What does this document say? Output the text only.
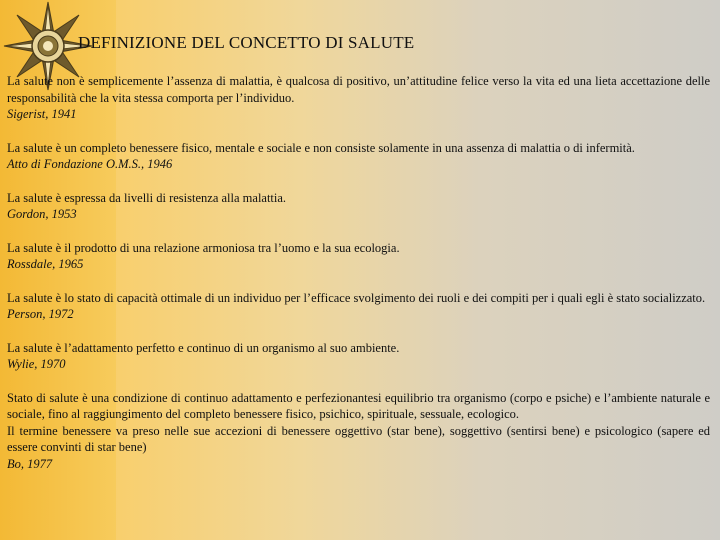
DEFINIZIONE DEL CONCETTO DI SALUTE

La salute non è semplicemente l’assenza di malattia, è qualcosa di positivo, un’attitudine felice verso la vita ed una lieta accettazione delle responsabilità che la vita stessa comporta per l’individuo.

Sigerist, 1941

La salute è un completo benessere fisico, mentale e sociale e non consiste solamente in una assenza di malattia o di infermità.

Atto di Fondazione O.M.S., 1946

La salute è espressa da livelli di resistenza alla malattia.

Gordon, 1953

La salute è il prodotto di una relazione armoniosa tra l’uomo e la sua ecologia.

Rossdale, 1965

La salute è lo stato di capacità ottimale di un individuo per l’efficace svolgimento dei ruoli e dei compiti per i quali egli è stato socializzato.

Person, 1972

La salute è l’adattamento perfetto e continuo di un organismo al suo ambiente.

Wylie, 1970

Stato di salute è una condizione di continuo adattamento e perfezionantesi equilibrio tra organismo (corpo e psiche) e l’ambiente naturale e sociale, fino al raggiungimento del completo benessere fisico, psichico, spirituale, sessuale, ecologico.

Il termine benessere va preso nelle sue accezioni di benessere oggettivo (star bene), soggettivo (sentirsi bene) e psicologico (sapere ed essere convinti di star bene)

Bo, 1977
